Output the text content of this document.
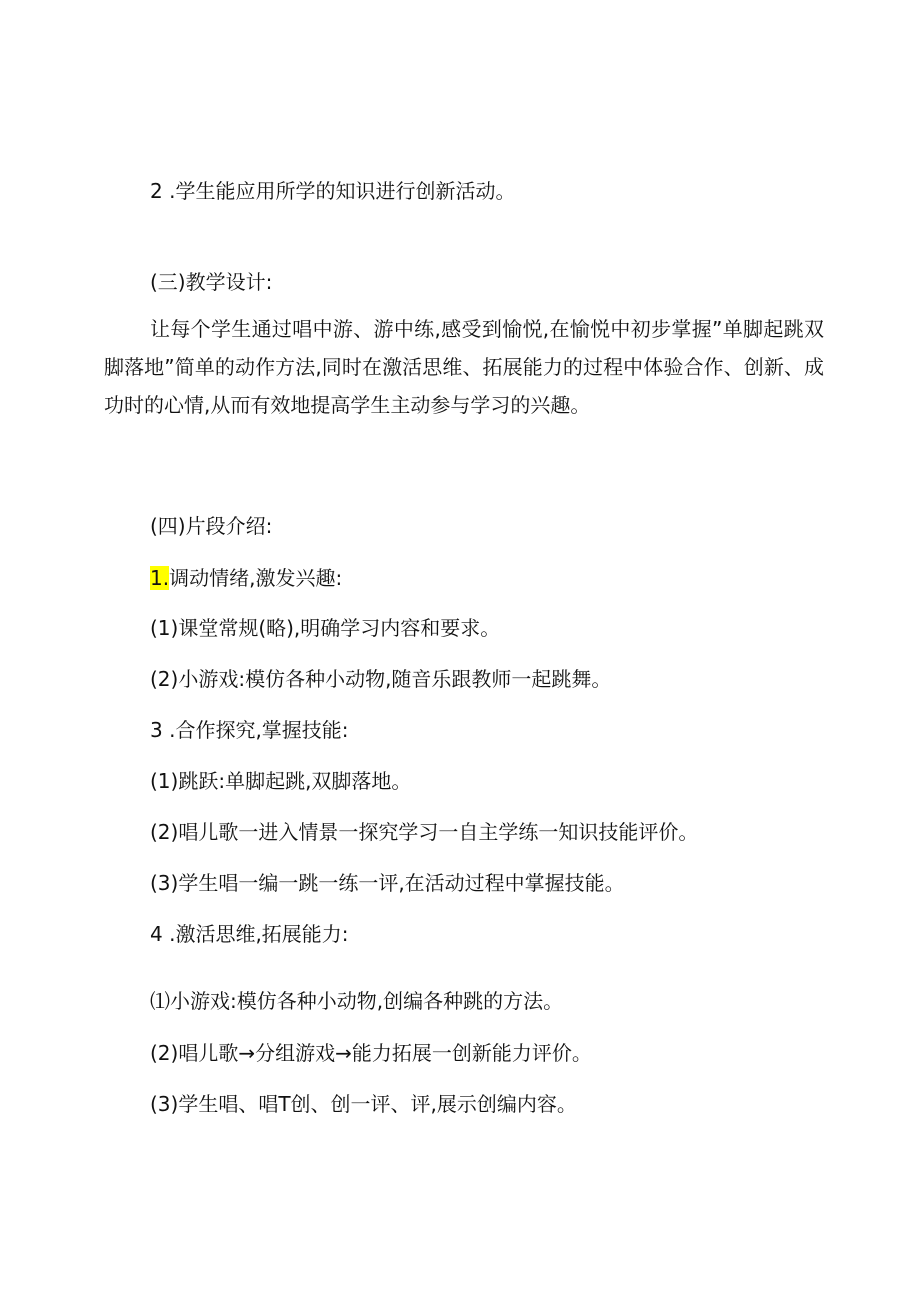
2 .学生能应用所学的知识进行创新活动。
(三)教学设计:
让每个学生通过唱中游、游中练,感受到愉悦,在愉悦中初步掌握”单脚起跳双脚落地”简单的动作方法,同时在激活思维、拓展能力的过程中体验合作、创新、成功时的心情,从而有效地提高学生主动参与学习的兴趣。
(四)片段介绍:
1.调动情绪,激发兴趣:
(1)课堂常规(略),明确学习内容和要求。
(2)小游戏:模仿各种小动物,随音乐跟教师一起跳舞。
3 .合作探究,掌握技能:
(1)跳跃:单脚起跳,双脚落地。
(2)唱儿歌一进入情景一探究学习一自主学练一知识技能评价。
(3)学生唱一编一跳一练一评,在活动过程中掌握技能。
4 .激活思维,拓展能力:
⑴小游戏:模仿各种小动物,创编各种跳的方法。
(2)唱儿歌→分组游戏→能力拓展一创新能力评价。
(3)学生唱、唱T创、创一评、评,展示创编内容。
